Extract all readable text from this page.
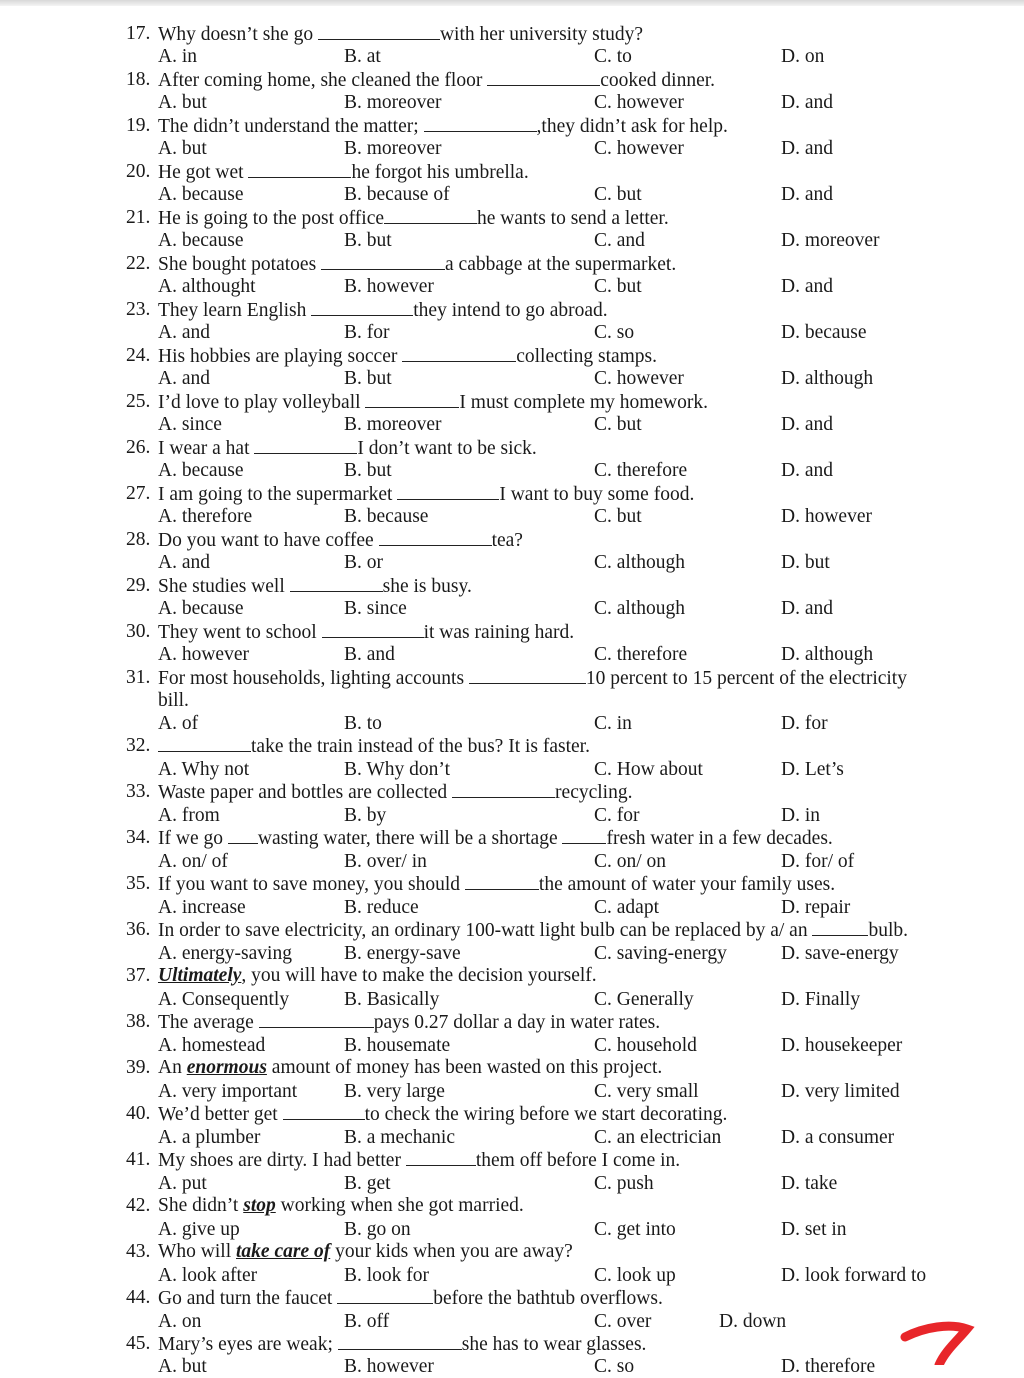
17. Why doesn’t she go	with her university study?
A. in	B. at	C. to	D. on
18. After coming home, she cleaned the floor	cooked dinner.
A. but	B. moreover	C. however	D. and
19. The didn’t understand the matter;	,they didn’t ask for help.
A. but	B. moreover	C. however	D. and
20. He got wet	he forgot his umbrella.
A. because	B. because of	C. but	D. and
21. He is going to the post office	he wants to send a letter.
A. because	B. but	C. and	D. moreover
22. She bought potatoes	a cabbage at the supermarket.
A. althought	B. however	C. but	D. and
23. They learn English	they intend to go abroad.
A. and	B. for	C. so	D. because
24. His hobbies are playing soccer	collecting stamps.
A. and	B. but	C. however	D. although
25. I’d love to play volleyball	I must complete my homework.
A. since	B. moreover	C. but	D. and
26. I wear a hat	I don’t want to be sick.
A. because	B. but	C. therefore	D. and
27. I am going to the supermarket	I want to buy some food.
A. therefore	B. because	C. but	D. however
28. Do you want to have coffee	tea?
A. and	B. or	C. although	D. but
29. She studies well	she is busy.
A. because	B. since	C. although	D. and
30. They went to school	it was raining hard.
A. however	B. and	C. therefore	D. although
31. For most households, lighting accounts	10 percent to 15 percent of the electricity
bill.
A. of	B. to	C. in	D. for
32.	take the train instead of the bus? It is faster.
A. Why not	B. Why don’t	C. How about	D. Let’s
33. Waste paper and bottles are collected	recycling.
A. from	B. by	C. for	D. in
34. If we go wasting water, there will be a shortage fresh water in a few decades.
A. on/ of	B. over/ in	C. on/ on	D. for/ of
35. If you want to save money, you should	the amount of water your family uses.
A. increase	B. reduce	C. adapt	D. repair
36. In order to save electricity, an ordinary 100-watt light bulb can be replaced by a/ an	bulb.
A. energy-saving	B. energy-save	C. saving-energy	D. save-energy
37. Ultimately, you will have to make the decision yourself.
A. Consequently	B. Basically	C. Generally	D. Finally
38. The average	pays 0.27 dollar a day in water rates.
A. homestead	B. housemate	C. household	D. housekeeper
39. An enormous amount of money has been wasted on this project.
A. very important B. very large	C. very small	D. very limited
40. We’d better get	to check the wiring before we start decorating.
A. a plumber	B. a mechanic	C. an electrician	D. a consumer
41. My shoes are dirty. I had better	them off before I come in.
A. put	B. get	C. push	D. take
42. She didn’t stop working when she got married.
A. give up	B. go on	C. get into	D. set in
43. Who will take care of your kids when you are away?
A. look after	B. look for	C. look up	D. look forward to
44. Go and turn the faucet	before the bathtub overflows.
A. on	B. off	C. over	D. down
45. Mary’s eyes are weak;	she has to wear glasses.
A. but	B. however	C. so	D. therefore
